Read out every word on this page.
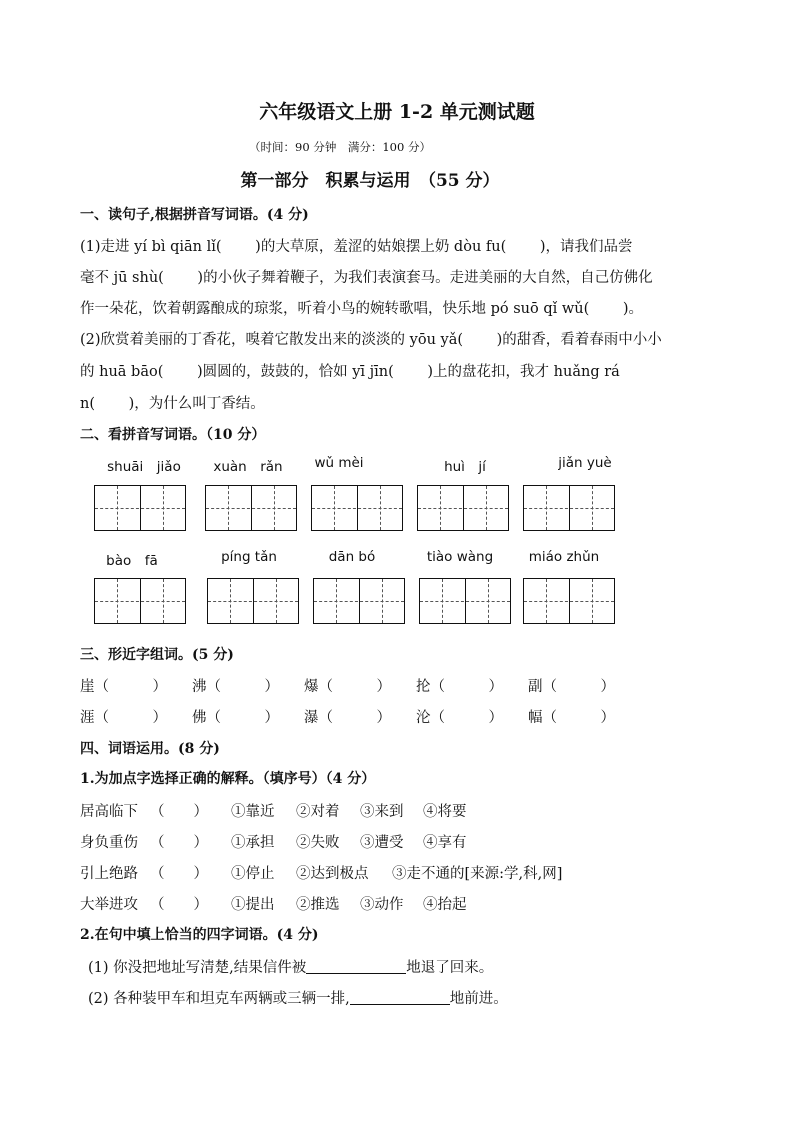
六年级语文上册 1-2 单元测试题
（时间：90 分钟　满分：100 分）
第一部分　积累与运用　（55 分）
一、读句子,根据拼音写词语。(4 分)
(1)走进 yí bì qiān lǐ(　　 )的大草原，羞涩的姑娘摆上奶 dòu fu(　　 )，请我们品尝
毫不 jū shù(　　 )的小伙子舞着鞭子，为我们表演套马。走进美丽的大自然，自己仿佛化
作一朵花，饮着朝露酿成的琼浆，听着小鸟的婉转歌唱，快乐地 pó suō qǐ wǔ(　　 )。
(2)欣赏着美丽的丁香花，嗅着它散发出来的淡淡的 yōu yǎ(　　 )的甜香，看着春雨中小小
的 huā bāo(　　 )圆圆的，鼓鼓的，恰如 yī jīn(　　 )上的盘花扣，我才 huǎng rá
n(　　 )，为什么叫丁香结。
二、看拼音写词语。（10 分）
shuāi　jiǎo	xuàn　rǎn	wǔ mèi	huì　jí	jiǎn yuè
bào　fā	píng tǎn	dān bó	tiào wàng	miáo zhǔn
三、形近字组词。(5 分)
崖（　　　） 沸（　　　） 爆（　　　） 抡（　　　） 副（　　　）
涯（　　　） 佛（　　　） 瀑（　　　） 沦（　　　） 幅（　　　）
四、词语运用。(8 分)
1.为加点字选择正确的解释。（填序号）（4 分）
居高临下 （　　） ①靠近 ②对着 ③来到 ④将要
身负重伤 （　　） ①承担 ②失败 ③遭受 ④享有
引上绝路 （　　） ①停止 ②达到极点 ③走不通的[来源:学,科,网]
大举进攻 （　　） ①提出 ②推选 ③动作 ④抬起
2.在句中填上恰当的四字词语。(4 分)
(1) 你没把地址写清楚,结果信件被	地退了回来。
(2) 各种装甲车和坦克车两辆或三辆一排,	地前进。
